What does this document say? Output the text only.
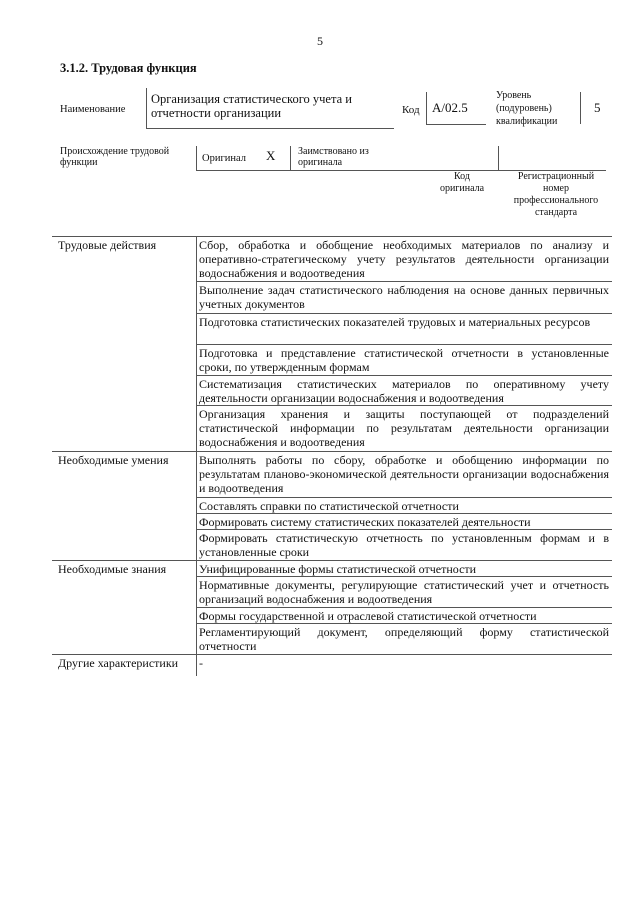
5
3.1.2. Трудовая функция
Наименование
Организация статистического учета и отчетности организации	Код А/02.5
Уровень (подуровень) квалификации
5
Происхождение трудовой функции	Оригинал X Заимствовано из оригинала
Код оригинала
Регистрационный номер профессионального стандарта
Трудовые действия	Сбор, обработка и обобщение необходимых материалов по анализу и оперативно-стратегическому учету результатов деятельности организации водоснабжения и водоотведения
Выполнение задач статистического наблюдения на основе данных первичных учетных документов
Подготовка статистических показателей трудовых и материальных ресурсов
Подготовка и представление статистической отчетности в установленные сроки, по утвержденным формам
Систематизация статистических материалов по оперативному учету деятельности организации водоснабжения и водоотведения
Организация хранения и защиты поступающей от подразделений статистической информации по результатам деятельности организации водоснабжения и водоотведения
Необходимые умения	Выполнять работы по сбору, обработке и обобщению информации по результатам планово-экономической деятельности организации водоснабжения и водоотведения
Составлять справки по статистической отчетности
Формировать систему статистических показателей деятельности
Формировать статистическую отчетность по установленным формам и в установленные сроки
Необходимые знания	Унифицированные формы статистической отчетности
Нормативные документы, регулирующие статистический учет и отчетность организаций водоснабжения и водоотведения
Формы государственной и отраслевой статистической отчетности
Регламентирующий документ, определяющий форму статистической отчетности
Другие характеристики	-
